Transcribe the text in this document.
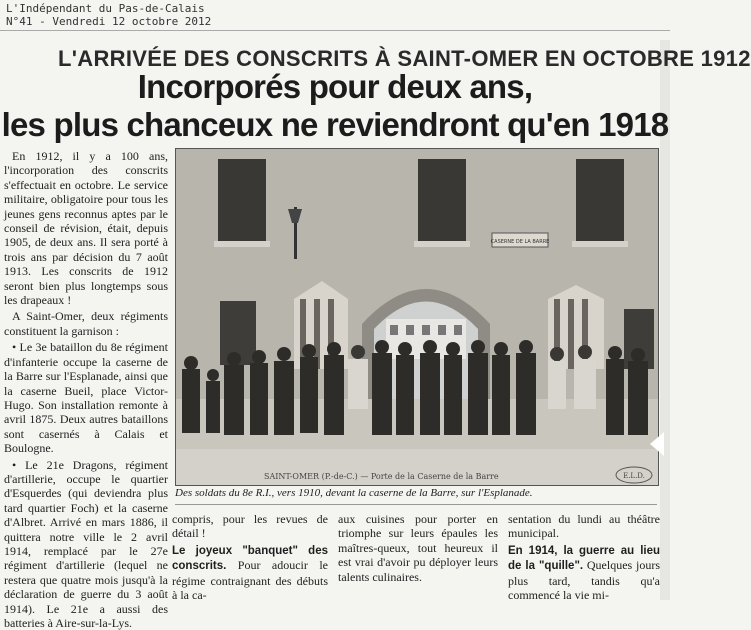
L'Indépendant du Pas-de-Calais
N°41 - Vendredi 12 octobre 2012
L'ARRIVÉE DES CONSCRITS À SAINT-OMER EN OCTOBRE 1912
Incorporés pour deux ans,
les plus chanceux ne reviendront qu'en 1918

En 1912, il y a 100 ans, l'incorporation des conscrits s'effectuait en octobre. Le service militaire, obligatoire pour tous les jeunes gens reconnus aptes par le conseil de révision, était, depuis 1905, de deux ans. Il sera porté à trois ans par décision du 7 août 1913. Les conscrits de 1912 seront bien plus longtemps sous les drapeaux !

A Saint-Omer, deux régiments constituent la garnison :

• Le 3e bataillon du 8e régiment d'infanterie occupe la caserne de la Barre sur l'Esplanade, ainsi que la caserne Bueil, place Victor-Hugo. Son installation remonte à avril 1875. Deux autres bataillons sont casernés à Calais et Boulogne.

• Le 21e Dragons, régiment d'artillerie, occupe le quartier d'Esquerdes (qui deviendra plus tard quartier Foch) et la caserne d'Albret. Arrivé en mars 1886, il quittera notre ville le 2 avril 1914, remplacé par le 27e régiment d'artillerie (lequel ne restera que quatre mois jusqu'à la déclaration de guerre du 3 août 1914). Le 21e a aussi des batteries à Aire-sur-la-Lys.

CASERNE DE LA BARRE
SAINT-OMER (P.-de-C.) — Porte de la Caserne de la Barre	E.L.D.
Des soldats du 8e R.I., vers 1910, devant la caserne de la Barre, sur l'Esplanade.

compris, pour les revues de détail !

Le joyeux "banquet" des conscrits. Pour adoucir le régime contraignant des débuts à la ca-

aux cuisines pour porter en triomphe sur leurs épaules les maîtres-queux, tout heureux il est vrai d'avoir pu déployer leurs talents culinaires.

sentation du lundi au théâtre municipal.

En 1914, la guerre au lieu de la "quille". Quelques jours plus tard, tandis qu'a commencé la vie mi-
